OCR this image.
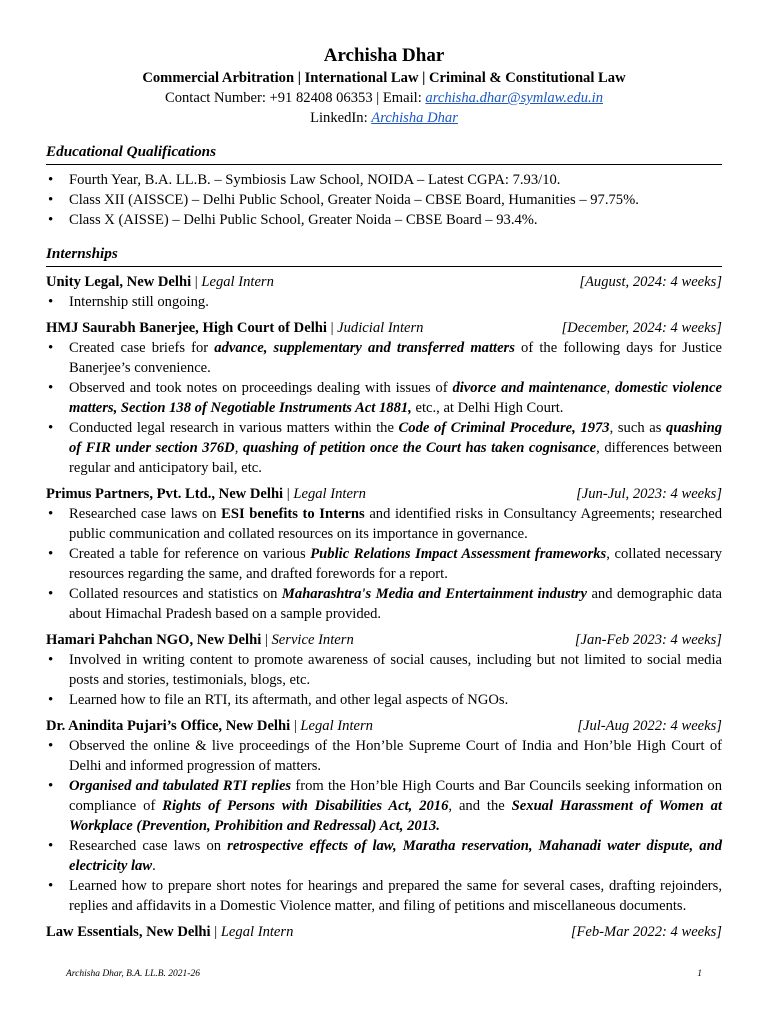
Archisha Dhar
Commercial Arbitration | International Law | Criminal & Constitutional Law
Contact Number: +91 82408 06353 | Email: archisha.dhar@symlaw.edu.in
LinkedIn: Archisha Dhar
Educational Qualifications
• Fourth Year, B.A. LL.B. – Symbiosis Law School, NOIDA – Latest CGPA: 7.93/10.
• Class XII (AISSCE) – Delhi Public School, Greater Noida – CBSE Board, Humanities – 97.75%.
• Class X (AISSE) – Delhi Public School, Greater Noida – CBSE Board – 93.4%.
Internships
Unity Legal, New Delhi | Legal Intern	[August, 2024: 4 weeks]
• Internship still ongoing.
HMJ Saurabh Banerjee, High Court of Delhi | Judicial Intern	[December, 2024: 4 weeks]
• Created case briefs for advance, supplementary and transferred matters of the following days for Justice Banerjee’s convenience.
• Observed and took notes on proceedings dealing with issues of divorce and maintenance, domestic violence matters, Section 138 of Negotiable Instruments Act 1881, etc., at Delhi High Court.
• Conducted legal research in various matters within the Code of Criminal Procedure, 1973, such as quashing of FIR under section 376D, quashing of petition once the Court has taken cognisance, differences between regular and anticipatory bail, etc.
Primus Partners, Pvt. Ltd., New Delhi | Legal Intern	[Jun-Jul, 2023: 4 weeks]
• Researched case laws on ESI benefits to Interns and identified risks in Consultancy Agreements; researched public communication and collated resources on its importance in governance.
• Created a table for reference on various Public Relations Impact Assessment frameworks, collated necessary resources regarding the same, and drafted forewords for a report.
• Collated resources and statistics on Maharashtra's Media and Entertainment industry and demographic data about Himachal Pradesh based on a sample provided.
Hamari Pahchan NGO, New Delhi | Service Intern	[Jan-Feb 2023: 4 weeks]
• Involved in writing content to promote awareness of social causes, including but not limited to social media posts and stories, testimonials, blogs, etc.
• Learned how to file an RTI, its aftermath, and other legal aspects of NGOs.
Dr. Anindita Pujari’s Office, New Delhi | Legal Intern	[Jul-Aug 2022: 4 weeks]
• Observed the online & live proceedings of the Hon’ble Supreme Court of India and Hon’ble High Court of Delhi and informed progression of matters.
• Organised and tabulated RTI replies from the Hon’ble High Courts and Bar Councils seeking information on compliance of Rights of Persons with Disabilities Act, 2016, and the Sexual Harassment of Women at Workplace (Prevention, Prohibition and Redressal) Act, 2013.
• Researched case laws on retrospective effects of law, Maratha reservation, Mahanadi water dispute, and electricity law.
• Learned how to prepare short notes for hearings and prepared the same for several cases, drafting rejoinders, replies and affidavits in a Domestic Violence matter, and filing of petitions and miscellaneous documents.
Law Essentials, New Delhi | Legal Intern	[Feb-Mar 2022: 4 weeks]
Archisha Dhar, B.A. LL.B. 2021-26	1
